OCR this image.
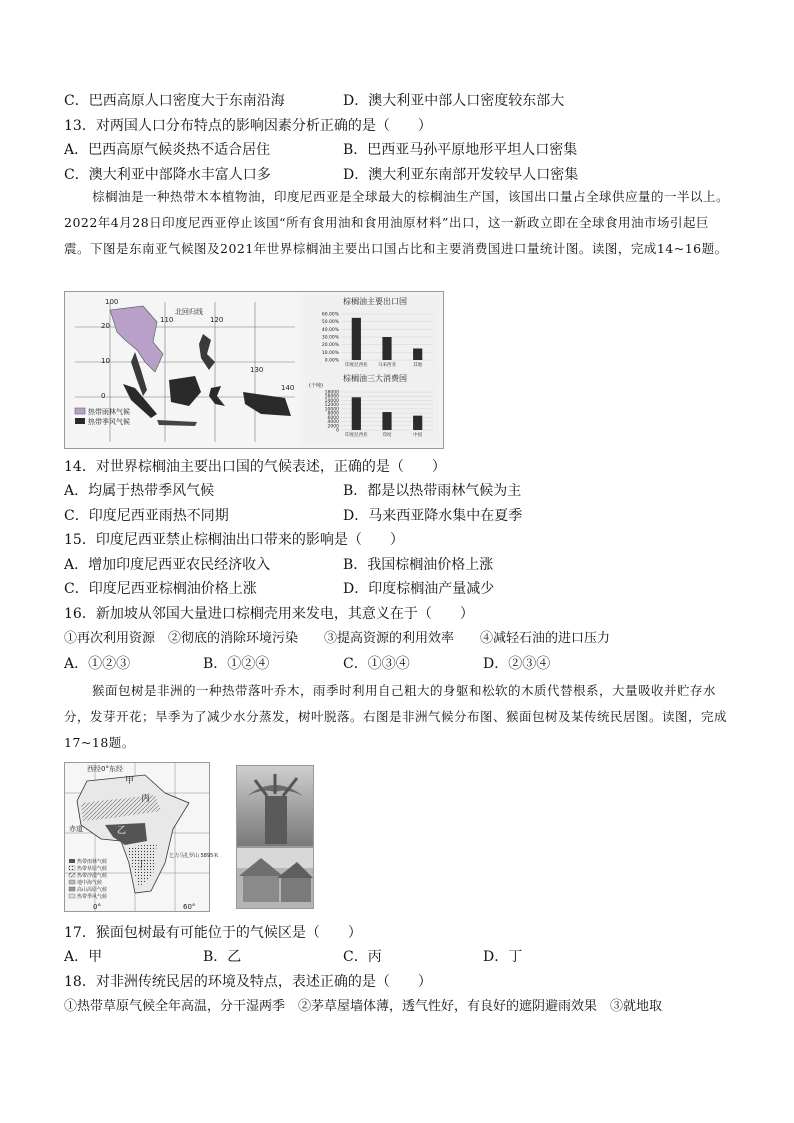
C．巴西高原人口密度大于东南沿海	D．澳大利亚中部人口密度较东部大
13．对两国人口分布特点的影响因素分析正确的是（　　）
A．巴西高原气候炎热不适合居住	B．巴西亚马孙平原地形平坦人口密集
C．澳大利亚中部降水丰富人口多	D．澳大利亚东南部开发较早人口密集
棕榈油是一种热带木本植物油，印度尼西亚是全球最大的棕榈油生产国，该国出口量占全球供应量的一半以上。2022年4月28日印度尼西亚停止该国“所有食用油和食用油原材料”出口，这一新政立即在全球食用油市场引起巨震。下图是东南亚气候图及2021年世界棕榈油主要出口国占比和主要消费国进口量统计图。读图，完成14~16题。
北回归线
100
110	120
130
140
20
10
0
热带雨林气候
热带季风气候
棕榈油主要出口国
棕榈油三大消费国
(千吨)
60.00%
50.00%
40.00%
30.00%
20.00%
10.00%
0.00%
印度尼西亚 马来西亚	其他
18000
16000
14000
12000
10000
8000
6000
4000
2000
0
印度尼西亚	印度	中国
14．对世界棕榈油主要出口国的气候表述，正确的是（　　）
A．均属于热带季风气候	B．都是以热带雨林气候为主
C．印度尼西亚雨热不同期	D．马来西亚降水集中在夏季
15．印度尼西亚禁止棕榈油出口带来的影响是（　　）
A．增加印度尼西亚农民经济收入	B．我国棕榈油价格上涨
C．印度尼西亚棕榈油价格上涨	D．印度棕榈油产量减少
16．新加坡从邻国大量进口棕榈壳用来发电，其意义在于（　　）
①再次利用资源　②彻底的消除环境污染　　③提高资源的利用效率　　④减轻石油的进口压力
A．①②③	B．①②④	C．①③④	D．②③④
猴面包树是非洲的一种热带落叶乔木，雨季时利用自己粗大的身躯和松软的木质代替根系，大量吸收并贮存水分，发芽开花；旱季为了减少水分蒸发，树叶脱落。右图是非洲气候分布图、猴面包树及某传统民居图。读图，完成17~18题。
西经0°东经
甲
乙
丙
丁
赤道
乞力马扎罗山 5895米
热带雨林气候
热带草原气候
热带沙漠气候
地中海气候
高山高原气候
热带季风气候
0°	60°
17．猴面包树最有可能位于的气候区是（　　）
A．甲	B．乙	C．丙	D．丁
18．对非洲传统民居的环境及特点，表述正确的是（　　）
①热带草原气候全年高温，分干湿两季　②茅草屋墙体薄，透气性好，有良好的遮阴避雨效果　③就地取
